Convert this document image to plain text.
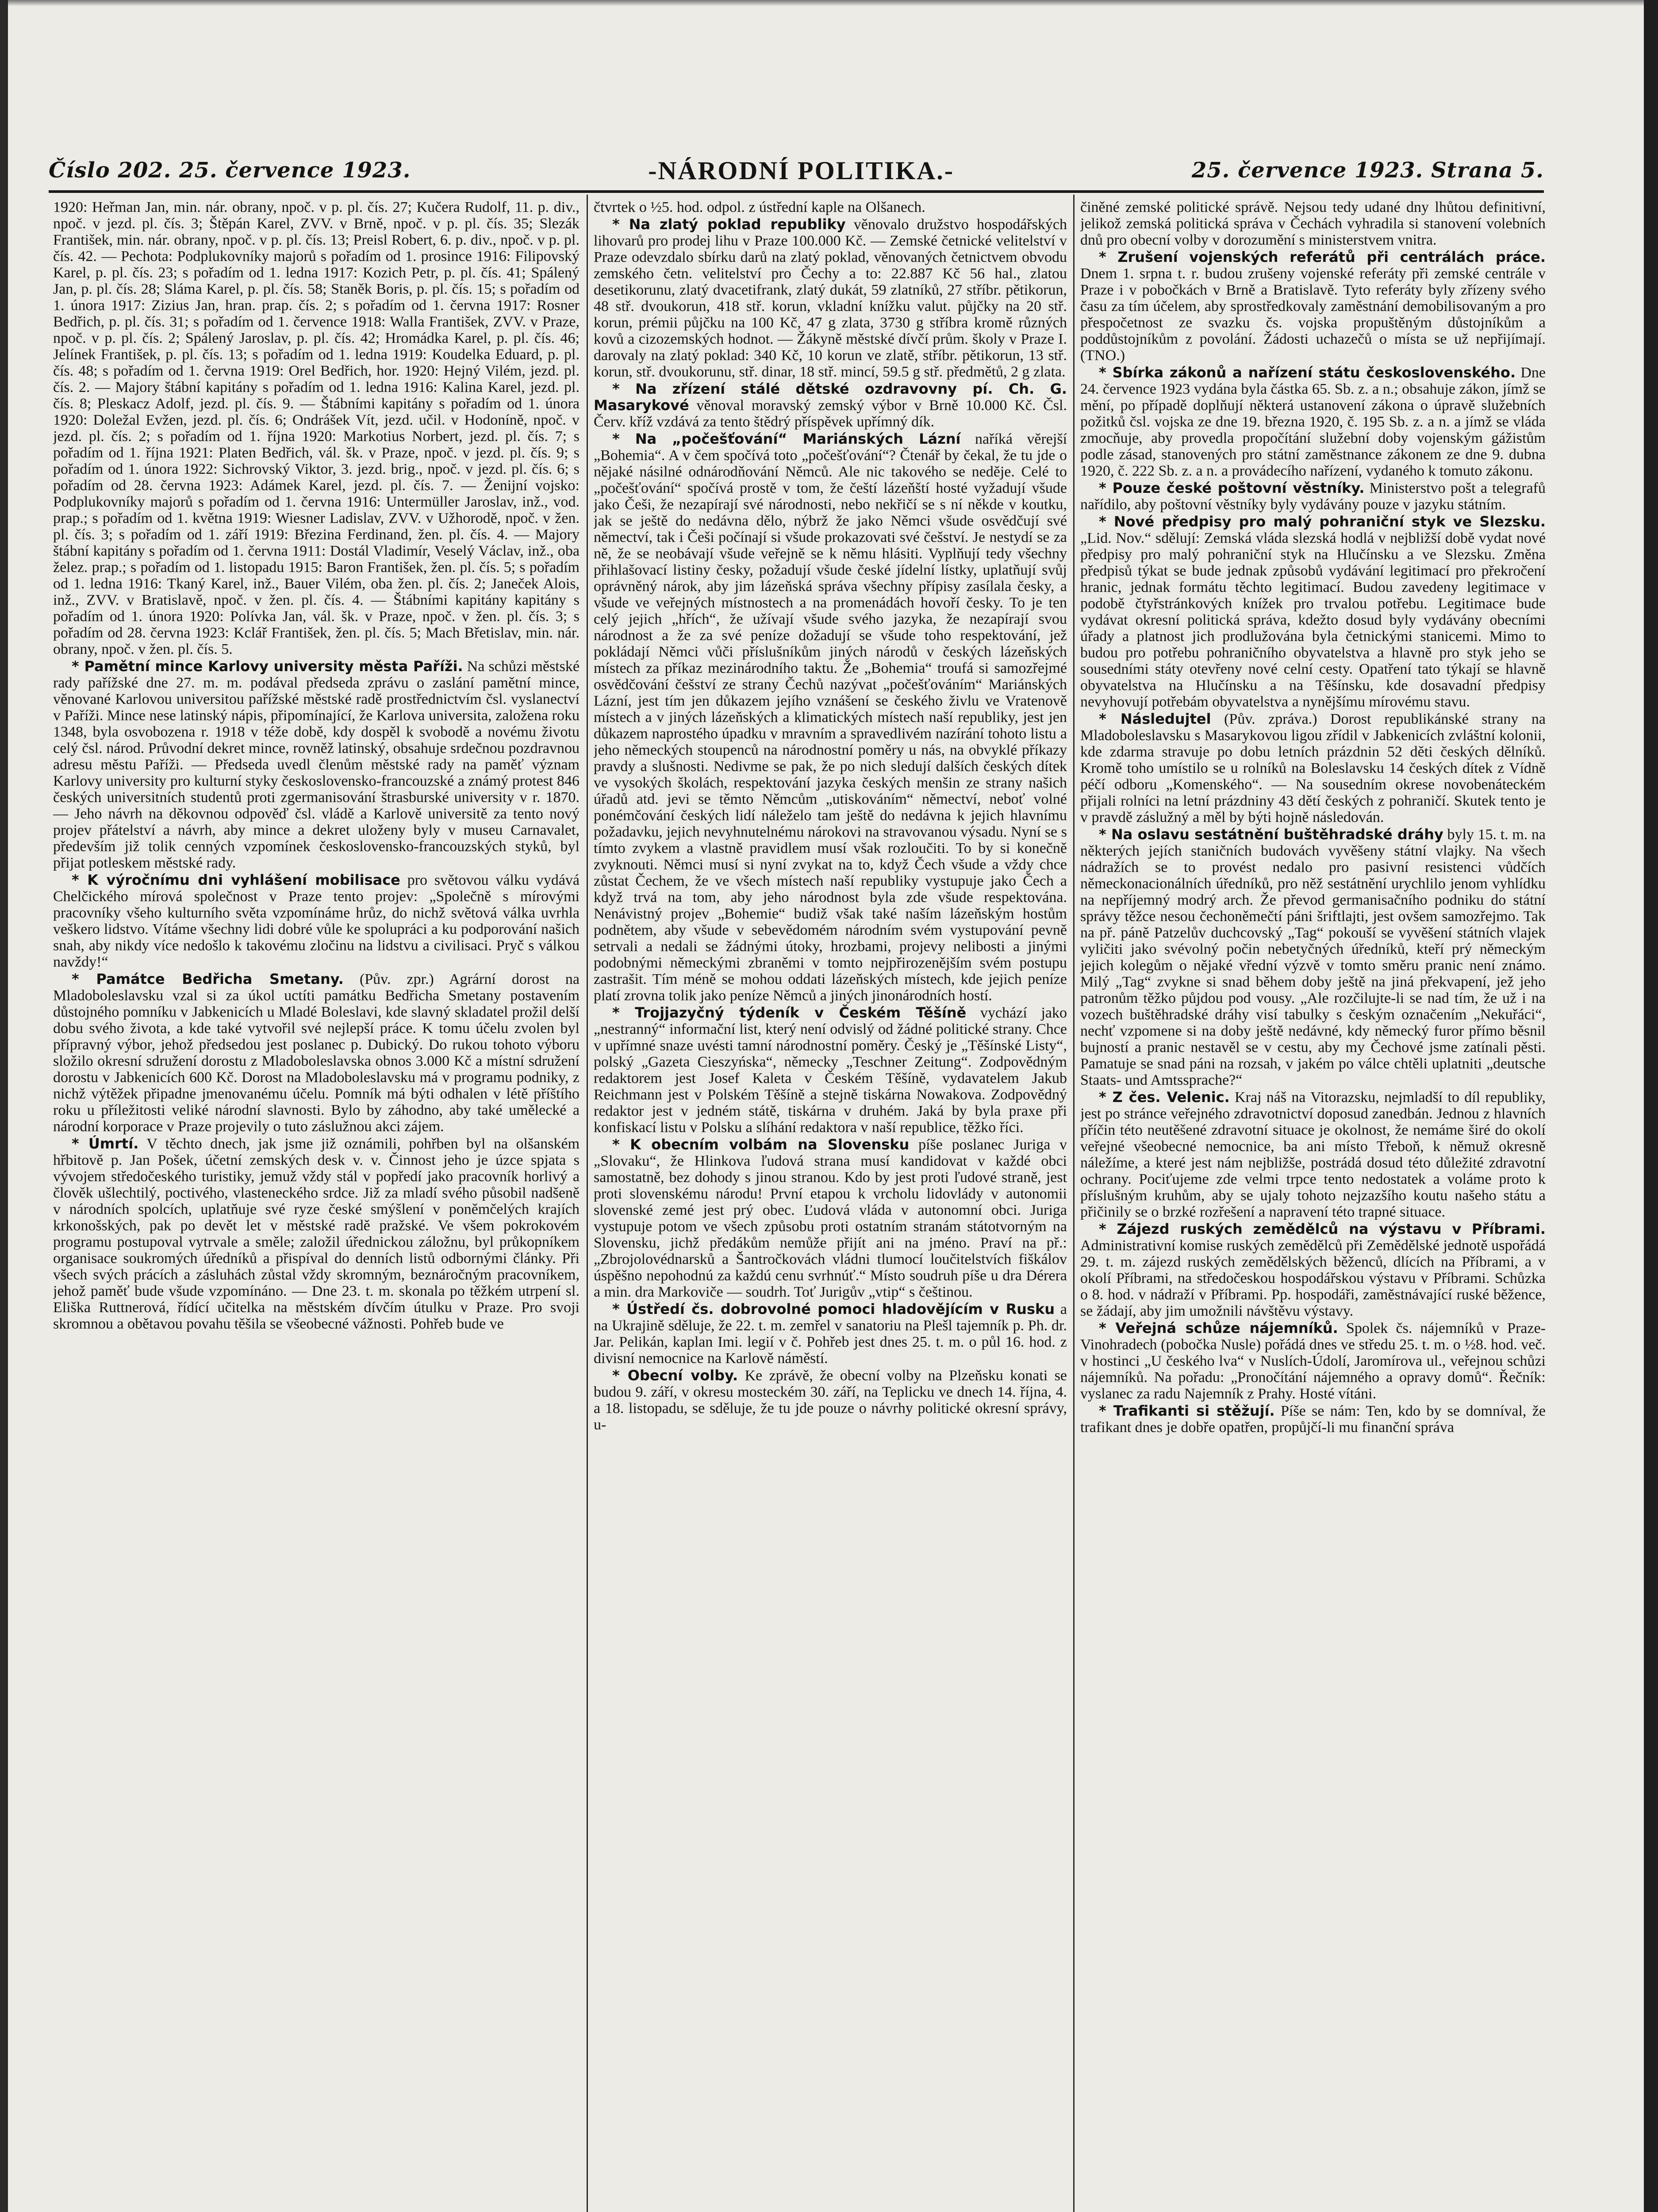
Číslo 202. 25. července 1923.	-NÁRODNÍ POLITIKA.-	25. července 1923. Strana 5.

1920: Heřman Jan, min. nár. obrany, npoč. v p. pl. čís. 27; Kučera Rudolf, 11. p. div., npoč. v jezd. pl. čís. 3; Štěpán Karel, ZVV. v Brně, npoč. v p. pl. čís. 35; Slezák František, min. nár. obrany, npoč. v p. pl. čís. 13; Preisl Robert, 6. p. div., npoč. v p. pl. čís. 42. — Pechota: Podplukovníky majorů s pořadím od 1. prosince 1916: Filipovský Karel, p. pl. čís. 23; s pořadím od 1. ledna 1917: Kozich Petr, p. pl. čís. 41; Spálený Jan, p. pl. čís. 28; Sláma Karel, p. pl. čís. 58; Staněk Boris, p. pl. čís. 15; s pořadím od 1. února 1917: Zizius Jan, hran. prap. čís. 2; s pořadím od 1. června 1917: Rosner Bedřich, p. pl. čís. 31; s pořadím od 1. července 1918: Walla František, ZVV. v Praze, npoč. v p. pl. čís. 2; Spálený Jaroslav, p. pl. čís. 42; Hromádka Karel, p. pl. čís. 46; Jelínek František, p. pl. čís. 13; s pořadím od 1. ledna 1919: Koudelka Eduard, p. pl. čís. 48; s pořadím od 1. června 1919: Orel Bedřich, hor. 1920: Hejný Vilém, jezd. pl. čís. 2. — Majory štábní kapitány s pořadím od 1. ledna 1916: Kalina Karel, jezd. pl. čís. 8; Pleskacz Adolf, jezd. pl. čís. 9. — Štábními kapitány s pořadím od 1. února 1920: Doležal Evžen, jezd. pl. čís. 6; Ondrášek Vít, jezd. učil. v Hodoníně, npoč. v jezd. pl. čís. 2; s pořadím od 1. října 1920: Markotius Norbert, jezd. pl. čís. 7; s pořadím od 1. října 1921: Platen Bedřich, vál. šk. v Praze, npoč. v jezd. pl. čís. 9; s pořadím od 1. února 1922: Sichrovský Viktor, 3. jezd. brig., npoč. v jezd. pl. čís. 6; s pořadím od 28. června 1923: Adámek Karel, jezd. pl. čís. 7. — Ženijní vojsko: Podplukovníky majorů s pořadím od 1. června 1916: Untermüller Jaroslav, inž., vod. prap.; s pořadím od 1. května 1919: Wiesner Ladislav, ZVV. v Užhorodě, npoč. v žen. pl. čís. 3; s pořadím od 1. září 1919: Březina Ferdinand, žen. pl. čís. 4. — Majory štábní kapitány s pořadím od 1. června 1911: Dostál Vladimír, Veselý Václav, inž., oba želez. prap.; s pořadím od 1. listopadu 1915: Baron František, žen. pl. čís. 5; s pořadím od 1. ledna 1916: Tkaný Karel, inž., Bauer Vilém, oba žen. pl. čís. 2; Janeček Alois, inž., ZVV. v Bratislavě, npoč. v žen. pl. čís. 4. — Štábními kapitány kapitány s pořadím od 1. února 1920: Polívka Jan, vál. šk. v Praze, npoč. v žen. pl. čís. 3; s pořadím od 28. června 1923: Kclář František, žen. pl. čís. 5; Mach Břetislav, min. nár. obrany, npoč. v žen. pl. čís. 5.

* Pamětní mince Karlovy university města Paříži. Na schůzi městské rady pařížské dne 27. m. m. podával předseda zprávu o zaslání pamětní mince, věnované Karlovou universitou pařížské městské radě prostřednictvím čsl. vyslanectví v Paříži. Mince nese latinský nápis, připomínající, že Karlova universita, založena roku 1348, byla osvobozena r. 1918 v téže době, kdy dospěl k svobodě a novému životu celý čsl. národ. Průvodní dekret mince, rovněž latinský, obsahuje srdečnou pozdravnou adresu městu Paříži. — Předseda uvedl členům městské rady na paměť význam Karlovy university pro kulturní styky československo-francouzské a známý protest 846 českých universitních studentů proti zgermanisování štrasburské university v r. 1870. — Jeho návrh na děkovnou odpověď čsl. vládě a Karlově universitě za tento nový projev přátelství a návrh, aby mince a dekret uloženy byly v museu Carnavalet, především již tolik cenných vzpomínek československo-francouzských styků, byl přijat potleskem městské rady.

* K výročnímu dni vyhlášení mobilisace pro světovou válku vydává Chelčického mírová společnost v Praze tento projev: „Společně s mírovými pracovníky všeho kulturního světa vzpomínáme hrůz, do nichž světová válka uvrhla veškero lidstvo. Vítáme všechny lidi dobré vůle ke spolupráci a ku podporování našich snah, aby nikdy více nedošlo k takovému zločinu na lidstvu a civilisaci. Pryč s válkou navždy!“

* Památce Bedřicha Smetany. (Pův. zpr.) Agrární dorost na Mladoboleslavsku vzal si za úkol uctíti památku Bedřicha Smetany postavením důstojného pomníku v Jabkenicích u Mladé Boleslavi, kde slavný skladatel prožil delší dobu svého života, a kde také vytvořil své nejlepší práce. K tomu účelu zvolen byl přípravný výbor, jehož předsedou jest poslanec p. Dubický. Do rukou tohoto výboru složilo okresní sdružení dorostu z Mladoboleslavska obnos 3.000 Kč a místní sdružení dorostu v Jabkenicích 600 Kč. Dorost na Mladoboleslavsku má v programu podniky, z nichž výtěžek připadne jmenovanému účelu. Pomník má býti odhalen v létě příštího roku u příležitosti veliké národní slavnosti. Bylo by záhodno, aby také umělecké a národní korporace v Praze projevily o tuto záslužnou akci zájem.

* Úmrtí. V těchto dnech, jak jsme již oznámili, pohřben byl na olšanském hřbitově p. Jan Pošek, účetní zemských desk v. v. Činnost jeho je úzce spjata s vývojem středočeského turistiky, jemuž vždy stál v popředí jako pracovník horlivý a člověk ušlechtilý, poctivého, vlasteneckého srdce. Již za mladí svého působil nadšeně v národních spolcích, uplatňuje své ryze české smýšlení v poněmčelých krajích krkonošských, pak po devět let v městské radě pražské. Ve všem pokrokovém programu postupoval vytrvale a směle; založil úřednickou záložnu, byl průkopníkem organisace soukromých úředníků a přispíval do denních listů odbornými články. Při všech svých prácích a zásluhách zůstal vždy skromným, beznáročným pracovníkem, jehož paměť bude všude vzpomínáno. — Dne 23. t. m. skonala po těžkém utrpení sl. Eliška Ruttnerová, řídící učitelka na městském dívčím útulku v Praze. Pro svoji skromnou a obětavou povahu těšila se všeobecné vážnosti. Pohřeb bude ve

čtvrtek o ½5. hod. odpol. z ústřední kaple na Olšanech.

* Na zlatý poklad republiky věnovalo družstvo hospodářských lihovarů pro prodej lihu v Praze 100.000 Kč. — Zemské četnické velitelství v Praze odevzdalo sbírku darů na zlatý poklad, věnovaných četnictvem obvodu zemského četn. velitelství pro Čechy a to: 22.887 Kč 56 hal., zlatou desetikorunu, zlatý dvacetifrank, zlatý dukát, 59 zlatníků, 27 stříbr. pětikorun, 48 stř. dvoukorun, 418 stř. korun, vkladní knížku valut. půjčky na 20 stř. korun, prémii půjčku na 100 Kč, 47 g zlata, 3730 g stříbra kromě různých kovů a cizozemských hodnot. — Žákyně městské dívčí prům. školy v Praze I. darovaly na zlatý poklad: 340 Kč, 10 korun ve zlatě, stříbr. pětikorun, 13 stř. korun, stř. dvoukorunu, stř. dinar, 18 stř. mincí, 59.5 g stř. předmětů, 2 g zlata.

* Na zřízení stálé dětské ozdravovny pí. Ch. G. Masarykové věnoval moravský zemský výbor v Brně 10.000 Kč. Čsl. Červ. kříž vzdává za tento štědrý příspěvek upřímný dík.

* Na „počešťování“ Mariánských Lázní naříká věrejší „Bohemia“. A v čem spočívá toto „počešťování“? Čtenář by čekal, že tu jde o nějaké násilné odnárodňování Němců. Ale nic takového se neděje. Celé to „počešťování“ spočívá prostě v tom, že čeští lázeňští hosté vyžadují všude jako Češi, že nezapírají své národnosti, nebo nekřičí se s ní někde v koutku, jak se ještě do nedávna dělo, nýbrž že jako Němci všude osvědčují své němectví, tak i Češi počínají si všude prokazovati své češství. Je nestydí se za ně, že se neobávají všude veřejně se k němu hlásiti. Vyplňují tedy všechny přihlašovací listiny česky, požadují všude české jídelní lístky, uplatňují svůj oprávněný nárok, aby jim lázeňská správa všechny přípisy zasílala česky, a všude ve veřejných místnostech a na promenádách hovoří česky. To je ten celý jejich „hřích“, že užívají všude svého jazyka, že nezapírají svou národnost a že za své peníze dožadují se všude toho respektování, jež pokládají Němci vůči příslušníkům jiných národů v českých lázeňských místech za příkaz mezinárodního taktu. Že „Bohemia“ troufá si samozřejmé osvědčování češství ze strany Čechů nazývat „počešťováním“ Mariánských Lázní, jest tím jen důkazem jejího vznášení se českého živlu ve Vratenově místech a v jiných lázeňských a klimatických místech naší republiky, jest jen důkazem naprostého úpadku v mravním a spravedlivém nazírání tohoto listu a jeho německých stoupenců na národnostní poměry u nás, na obvyklé příkazy pravdy a slušnosti. Nedivme se pak, že po nich sledují dalších českých dítek ve vysokých školách, respektování jazyka českých menšin ze strany našich úřadů atd. jevi se těmto Němcům „utiskováním“ němectví, neboť volné ponémčování českých lidí náleželo tam ještě do nedávna k jejich hlavnímu požadavku, jejich nevyhnutelnému nárokovi na stravovanou výsadu. Nyní se s tímto zvykem a vlastně pravidlem musí však rozloučiti. To by si konečně zvyknouti. Němci musí si nyní zvykat na to, když Čech všude a vždy chce zůstat Čechem, že ve všech místech naší republiky vystupuje jako Čech a když trvá na tom, aby jeho národnost byla zde všude respektována. Nenávistný projev „Bohemie“ budiž však také naším lázeňským hostům podnětem, aby všude v sebevědomém národním svém vystupování pevně setrvali a nedali se žádnými útoky, hrozbami, projevy nelibosti a jinými podobnými německými zbraněmi v tomto nejpřirozenějším svém postupu zastrašit. Tím méně se mohou oddati lázeňských místech, kde jejich peníze platí zrovna tolik jako peníze Němců a jiných jinonárodních hostí.

* Trojjazyčný týdeník v Českém Těšíně vychází jako „nestranný“ informační list, který není odvislý od žádné politické strany. Chce v upřímné snaze uvésti tamní národnostní poměry. Český je „Těšínské Listy“, polský „Gazeta Cieszyńska“, německy „Teschner Zeitung“. Zodpovědným redaktorem jest Josef Kaleta v Českém Těšíně, vydavatelem Jakub Reichmann jest v Polském Těšíně a stejně tiskárna Nowakova. Zodpovědný redaktor jest v jedném státě, tiskárna v druhém. Jaká by byla praxe při konfiskací listu v Polsku a slíhání redaktora v naší republice, těžko říci.

* K obecním volbám na Slovensku píše poslanec Juriga v „Slovaku“, že Hlinkova ľudová strana musí kandidovat v každé obci samostatně, bez dohody s jinou stranou. Kdo by jest proti ľudové straně, jest proti slovenskému národu! První etapou k vrcholu lidovlády v autonomii slovenské zemé jest prý obec. Ľudová vláda v autonomní obci. Juriga vystupuje potom ve všech způsobu proti ostatním stranám státotvorným na Slovensku, jichž předákům nemůže přijít ani na jméno. Praví na př.: „Zbrojolovédnarsků a Šantročkovách vládni tlumocí loučitelstvích fiškálov úspěšno nepohodnú za každú cenu svrhnúť.“ Místo soudruh píše u dra Dérera a min. dra Markoviče — soudrh. Toť Jurigův „vtip“ s češtinou.

* Ústředí čs. dobrovolné pomoci hladovějícím v Rusku a na Ukrajině sděluje, že 22. t. m. zemřel v sanatoriu na Plešl tajemník p. Ph. dr. Jar. Pelikán, kaplan Imi. legií v č. Pohřeb jest dnes 25. t. m. o půl 16. hod. z divisní nemocnice na Karlově náměstí.

* Obecní volby. Ke zprávě, že obecní volby na Plzeňsku konati se budou 9. září, v okresu mosteckém 30. září, na Teplicku ve dnech 14. října, 4. a 18. listopadu, se sděluje, že tu jde pouze o návrhy politické okresní správy, u-

činěné zemské politické správě. Nejsou tedy udané dny lhůtou definitivní, jelikož zemská politická správa v Čechách vyhradila si stanovení volebních dnů pro obecní volby v dorozumění s ministerstvem vnitra.

* Zrušení vojenských referátů při centrálách práce. Dnem 1. srpna t. r. budou zrušeny vojenské referáty při zemské centrále v Praze i v pobočkách v Brně a Bratislavě. Tyto referáty byly zřízeny svého času za tím účelem, aby sprostředkovaly zaměstnání demobilisovaným a pro přespočetnost ze svazku čs. vojska propuštěným důstojníkům a poddůstojníkům z povolání. Žádosti uchazečů o místa se už nepřijímají. (TNO.)

* Sbírka zákonů a nařízení státu československého. Dne 24. července 1923 vydána byla částka 65. Sb. z. a n.; obsahuje zákon, jímž se mění, po případě doplňují některá ustanovení zákona o úpravě služebních požitků čsl. vojska ze dne 19. března 1920, č. 195 Sb. z. a n. a jímž se vláda zmocňuje, aby provedla propočítání služební doby vojenským gážistům podle zásad, stanovených pro státní zaměstnance zákonem ze dne 9. dubna 1920, č. 222 Sb. z. a n. a provádecího nařízení, vydaného k tomuto zákonu.

* Pouze české poštovní věstníky. Ministerstvo pošt a telegrafů nařídilo, aby poštovní věstníky byly vydávány pouze v jazyku státním.

* Nové předpisy pro malý pohraniční styk ve Slezsku. „Lid. Nov.“ sdělují: Zemská vláda slezská hodlá v nejbližší době vydat nové předpisy pro malý pohraniční styk na Hlučínsku a ve Slezsku. Změna předpisů týkat se bude jednak způsobů vydávání legitimací pro překročení hranic, jednak formátu těchto legitimací. Budou zavedeny legitimace v podobě čtyřstránkových knížek pro trvalou potřebu. Legitimace bude vydávat okresní politická správa, kdežto dosud byly vydávány obecními úřady a platnost jich prodlužována byla četnickými stanicemi. Mimo to budou pro potřebu pohraničního obyvatelstva a hlavně pro styk jeho se sousedními státy otevřeny nové celní cesty. Opatření tato týkají se hlavně obyvatelstva na Hlučínsku a na Těšínsku, kde dosavadní předpisy nevyhovují potřebám obyvatelstva a nynějšímu mírovému stavu.

* Následujtel (Pův. zpráva.) Dorost republikánské strany na Mladoboleslavsku s Masarykovou ligou zřídil v Jabkenicích zvláštní kolonii, kde zdarma stravuje po dobu letních prázdnin 52 děti českých dělníků. Kromě toho umístilo se u rolníků na Boleslavsku 14 českých dítek z Vídně péčí odboru „Komenského“. — Na sousedním okrese novobenáteckém přijali rolníci na letní prázdniny 43 dětí českých z pohraničí. Skutek tento je v pravdě záslužný a měl by býti hojně následován.

* Na oslavu sestátnění buštěhradské dráhy byly 15. t. m. na některých jejích staničních budovách vyvěšeny státní vlajky. Na všech nádražích se to provést nedalo pro pasivní resistenci vůdčích německonacionálních úředníků, pro něž sestátnění urychlilo jenom vyhlídku na nepříjemný modrý arch. Že převod germanisačního podniku do státní správy těžce nesou čechoněmečtí páni šriftlajti, jest ovšem samozřejmo. Tak na př. páně Patzelův duchcovský „Tag“ pokouší se vyvěšení státních vlajek vyličiti jako svévolný počin nebetyčných úředníků, kteří prý německým jejich kolegům o nějaké vřední výzvě v tomto směru pranic není známo. Milý „Tag“ zvykne si snad během doby ještě na jiná překvapení, jež jeho patronům těžko půjdou pod vousy. „Ale rozčilujte-li se nad tím, že už i na vozech buštěhradské dráhy visí tabulky s českým označením „Nekuřáci“, nechť vzpomene si na doby ještě nedávné, kdy německý furor přímo běsnil bujností a pranic nestavěl se v cestu, aby my Čechové jsme zatínali pěsti. Pamatuje se snad páni na rozsah, v jakém po válce chtěli uplatniti „deutsche Staats- und Amtssprache?“

* Z čes. Velenic. Kraj náš na Vitorazsku, nejmladší to díl republiky, jest po stránce veřejného zdravotnictví doposud zanedbán. Jednou z hlavních příčin této neutěšené zdravotní situace je okolnost, že nemáme širé do okolí veřejné všeobecné nemocnice, ba ani místo Třeboň, k němuž okresně náležíme, a které jest nám nejbližše, postrádá dosud této důležité zdravotní ochrany. Pociťujeme zde velmi trpce tento nedostatek a voláme proto k příslušným kruhům, aby se ujaly tohoto nejzazšího koutu našeho státu a přičinily se o brzké rozřešení a napravení této trapné situace.

* Zájezd ruských zemědělců na výstavu v Příbrami. Administrativní komise ruských zemědělců při Zemědělské jednotě uspořádá 29. t. m. zájezd ruských zemědělských běženců, dlících na Příbrami, a v okolí Příbrami, na středočeskou hospodářskou výstavu v Příbrami. Schůzka o 8. hod. v nádraží v Příbrami. Pp. hospodáři, zaměstnávající ruské běžence, se žádají, aby jim umožnili návštěvu výstavy.

* Veřejná schůze nájemníků. Spolek čs. nájemníků v Praze-Vinohradech (pobočka Nusle) pořádá dnes ve středu 25. t. m. o ½8. hod. več. v hostinci „U českého lva“ v Nuslích-Údolí, Jaromírova ul., veřejnou schůzi nájemníků. Na pořadu: „Pronočítání nájemného a opravy domů“. Řečník: vyslanec za radu Najemník z Prahy. Hosté vítáni.

* Trafikanti si stěžují. Píše se nám: Ten, kdo by se domníval, že trafikant dnes je dobře opatřen, propůjčí-li mu finanční správa
